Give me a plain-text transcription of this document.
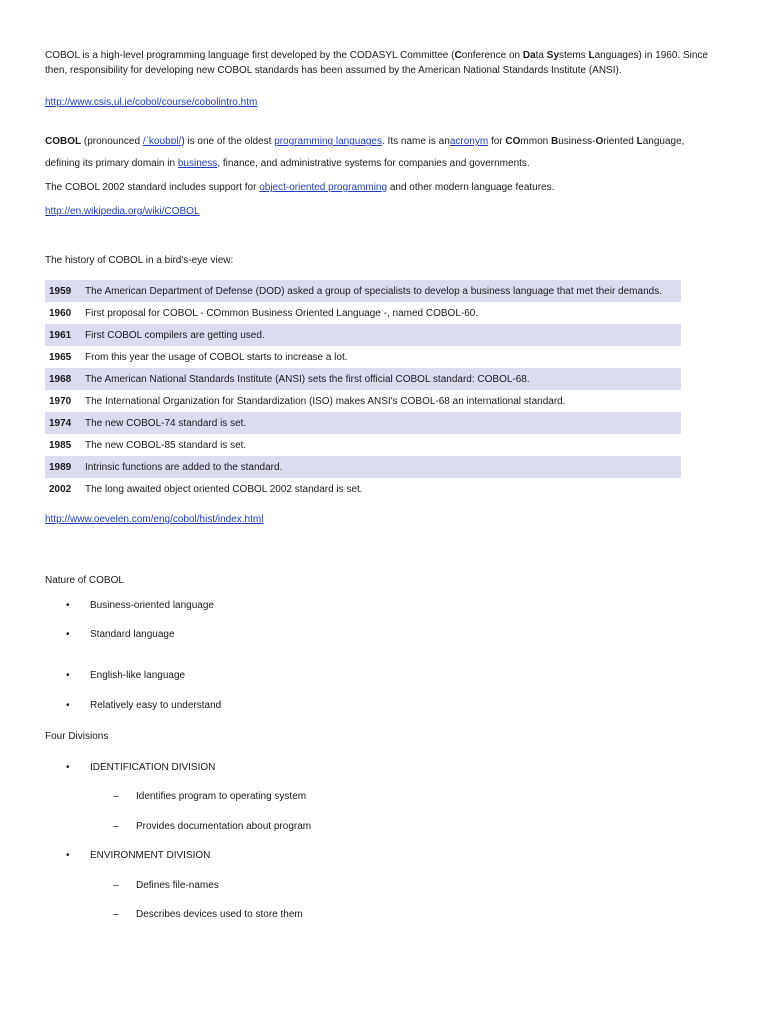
COBOL is a high-level programming language first developed by the CODASYL Committee (Conference on Data Systems Languages) in 1960. Since then, responsibility for developing new COBOL standards has been assumed by the American National Standards Institute (ANSI).

http://www.csis.ul.ie/cobol/course/cobolintro.htm

COBOL (pronounced /ˈkoʊbɒl/) is one of the oldest programming languages. Its name is anacronym for COmmon Business-Oriented Language,

defining its primary domain in business, finance, and administrative systems for companies and governments.

The COBOL 2002 standard includes support for object-oriented programming and other modern language features.

http://en.wikipedia.org/wiki/COBOL

The history of COBOL in a bird's-eye view:

1959	The American Department of Defense (DOD) asked a group of specialists to develop a business language that met their demands.
1960	First proposal for COBOL - COmmon Business Oriented Language -, named COBOL-60.
1961	First COBOL compilers are getting used.
1965	From this year the usage of COBOL starts to increase a lot.
1968	The American National Standards Institute (ANSI) sets the first official COBOL standard: COBOL-68.
1970	The International Organization for Standardization (ISO) makes ANSI's COBOL-68 an international standard.
1974	The new COBOL-74 standard is set.
1985	The new COBOL-85 standard is set.
1989	Intrinsic functions are added to the standard.
2002	The long awaited object oriented COBOL 2002 standard is set.

http://www.oevelen.com/eng/cobol/hist/index.html

Nature of COBOL

• Business-oriented language
• Standard language
• English-like language
• Relatively easy to understand

Four Divisions

• IDENTIFICATION DIVISION
– Identifies program to operating system
– Provides documentation about program
• ENVIRONMENT DIVISION
– Defines file-names
– Describes devices used to store them
